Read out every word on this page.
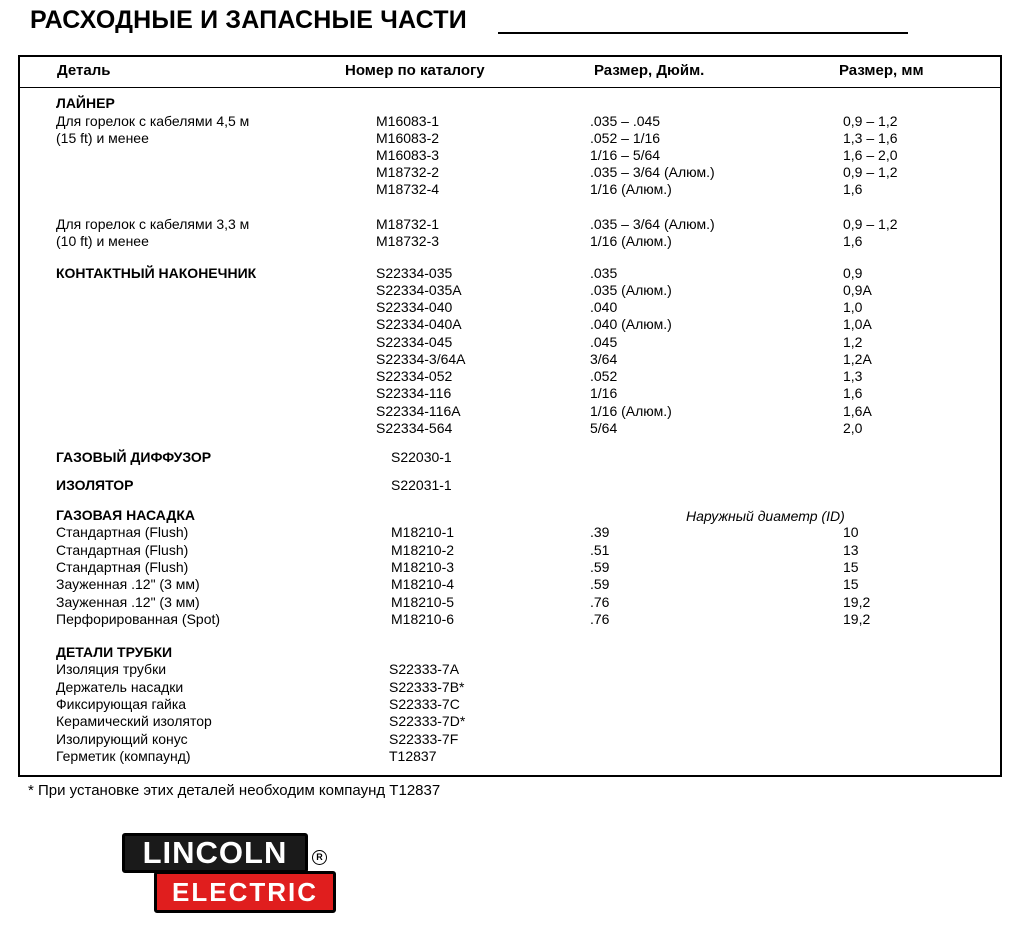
РАСХОДНЫЕ И ЗАПАСНЫЕ ЧАСТИ
Деталь	Номер по каталогу	Размер, Дюйм.	Размер, мм
ЛАЙНЕР
Для горелок с кабелями 4,5 м	M16083-1	.035 – .045	0,9 – 1,2
(15 ft) и менее	M16083-2	.052 – 1/16	1,3 – 1,6
M16083-3	1/16 – 5/64	1,6 – 2,0
M18732-2	.035 – 3/64 (Алюм.)	0,9 – 1,2
M18732-4	1/16 (Алюм.)	1,6
Для горелок с кабелями 3,3 м	M18732-1	.035 – 3/64 (Алюм.)	0,9 – 1,2
(10 ft) и менее	M18732-3	1/16 (Алюм.)	1,6
КОНТАКТНЫЙ НАКОНЕЧНИК	S22334-035	.035	0,9
S22334-035A	.035 (Алюм.)	0,9A
S22334-040	.040	1,0
S22334-040A	.040 (Алюм.)	1,0A
S22334-045	.045	1,2
S22334-3/64A	3/64	1,2A
S22334-052	.052	1,3
S22334-116	1/16	1,6
S22334-116A	1/16 (Алюм.)	1,6A
S22334-564	5/64	2,0
ГАЗОВЫЙ ДИФФУЗОР	S22030-1
ИЗОЛЯТОР	S22031-1
ГАЗОВАЯ НАСАДКА	Наружный диаметр (ID)
Стандартная (Flush)	M18210-1	.39	10
Стандартная (Flush)	M18210-2	.51	13
Стандартная (Flush)	M18210-3	.59	15
Зауженная .12" (3 мм)	M18210-4	.59	15
Зауженная .12" (3 мм)	M18210-5	.76	19,2
Перфорированная (Spot)	M18210-6	.76	19,2
ДЕТАЛИ ТРУБКИ
Изоляция трубки	S22333-7A
Держатель насадки	S22333-7B*
Фиксирующая гайка	S22333-7C
Керамический изолятор	S22333-7D*
Изолирующий конус	S22333-7F
Герметик (компаунд)	T12837
* При установке этих деталей необходим компаунд T12837
LINCOLN	R
ELECTRIC
